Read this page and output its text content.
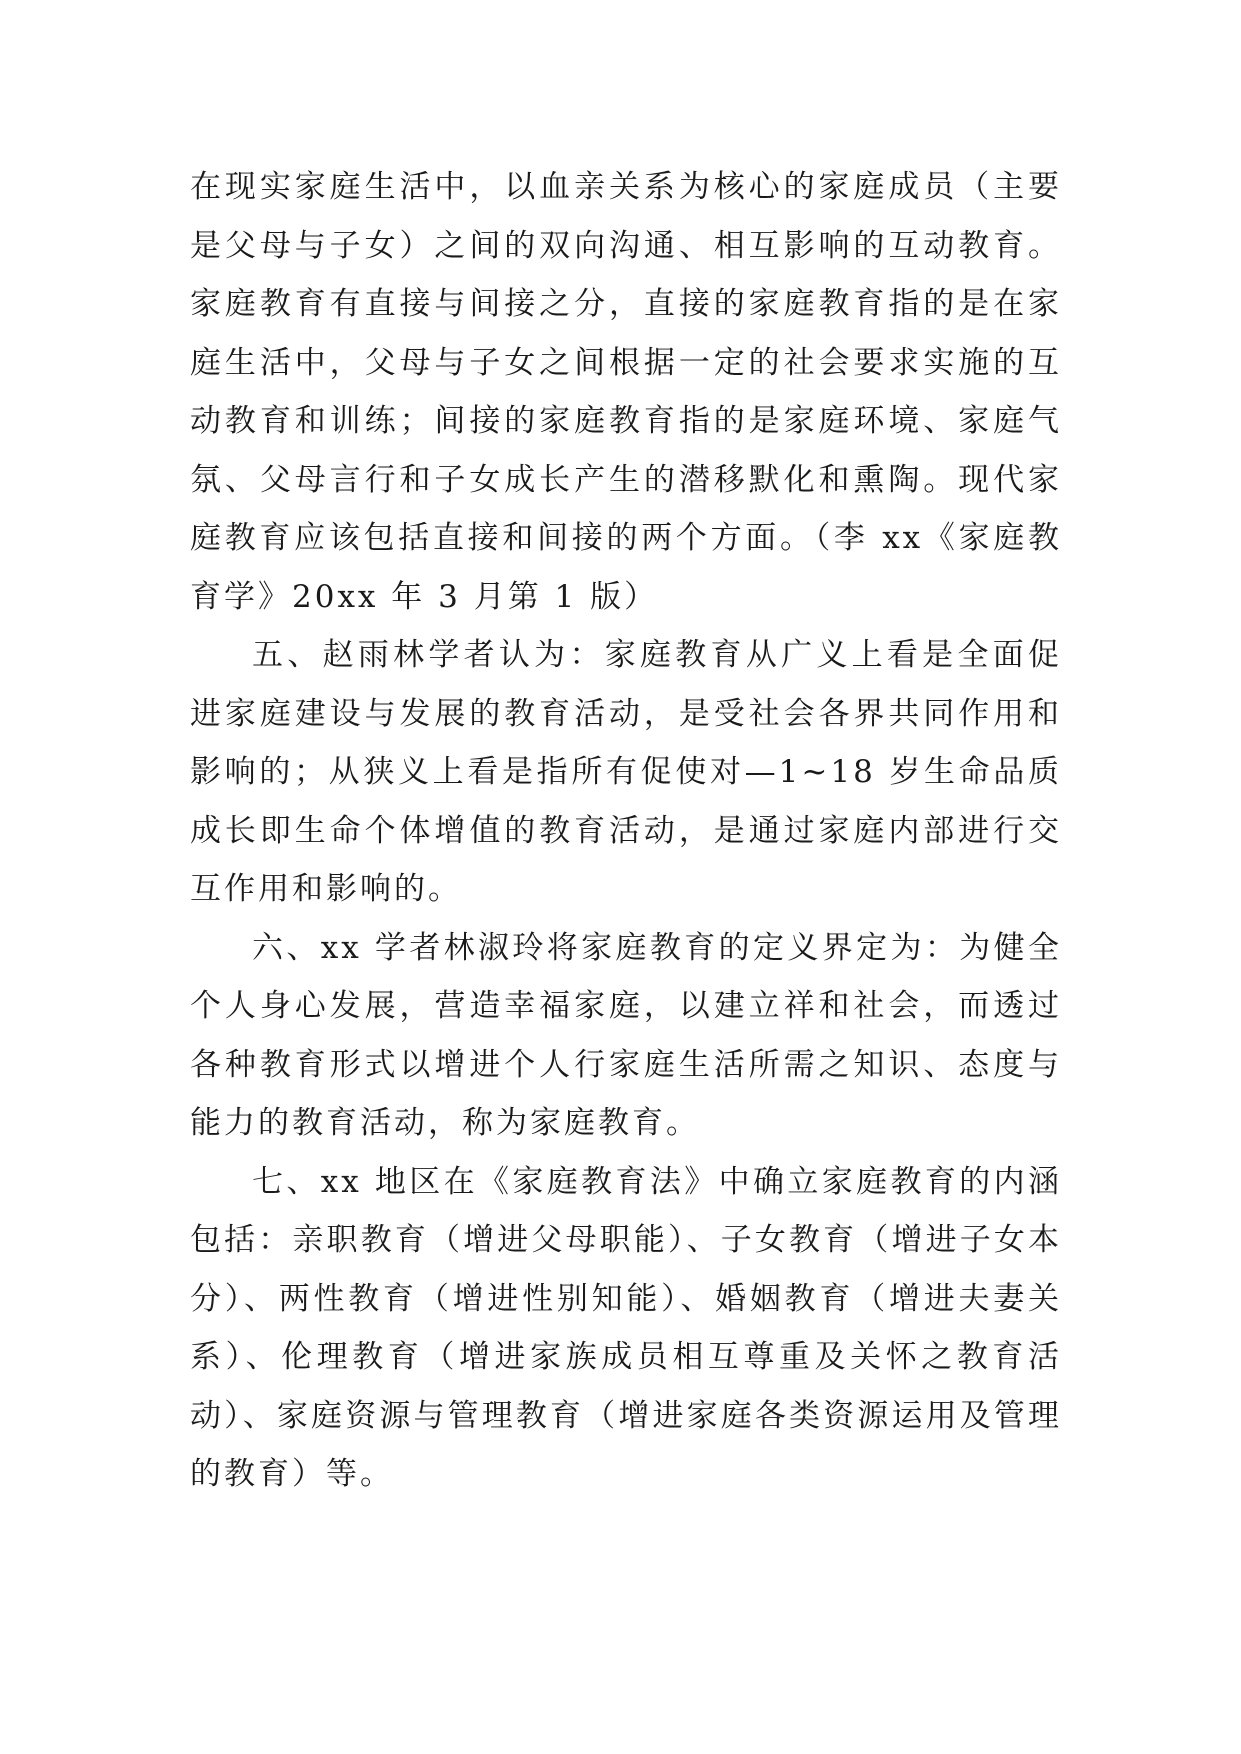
在现实家庭生活中，以血亲关系为核心的家庭成员（主要是父母与子女）之间的双向沟通、相互影响的互动教育。家庭教育有直接与间接之分，直接的家庭教育指的是在家庭生活中，父母与子女之间根据一定的社会要求实施的互动教育和训练；间接的家庭教育指的是家庭环境、家庭气氛、父母言行和子女成长产生的潜移默化和熏陶。现代家庭教育应该包括直接和间接的两个方面。（李 xx《家庭教育学》20xx 年 3 月第 1 版）

五、赵雨林学者认为：家庭教育从广义上看是全面促进家庭建设与发展的教育活动，是受社会各界共同作用和影响的；从狭义上看是指所有促使对—1~18 岁生命品质成长即生命个体增值的教育活动，是通过家庭内部进行交互作用和影响的。

六、xx 学者林淑玲将家庭教育的定义界定为：为健全个人身心发展，营造幸福家庭，以建立祥和社会，而透过各种教育形式以增进个人行家庭生活所需之知识、态度与能力的教育活动，称为家庭教育。

七、xx 地区在《家庭教育法》中确立家庭教育的内涵包括：亲职教育（增进父母职能）、子女教育（增进子女本分）、两性教育（增进性别知能）、婚姻教育（增进夫妻关系）、伦理教育（增进家族成员相互尊重及关怀之教育活动）、家庭资源与管理教育（增进家庭各类资源运用及管理的教育）等。
